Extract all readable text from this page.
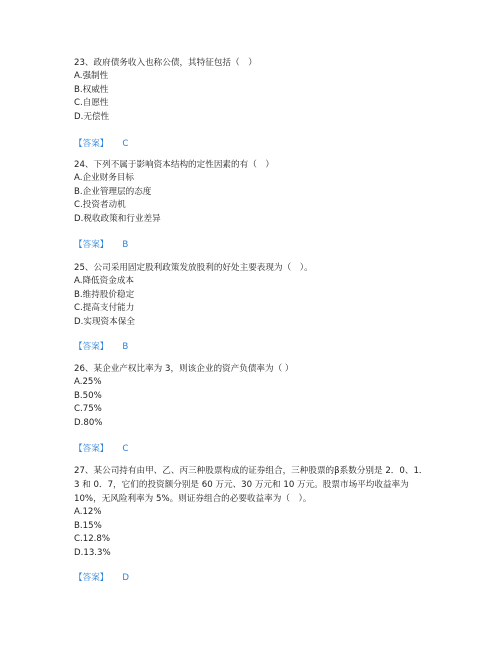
23、政府债务收入也称公债，其特征包括（　）

A.强制性

B.权威性

C.自愿性

D.无偿性

【答案】 C

24、下列不属于影响资本结构的定性因素的有（　）

A.企业财务目标

B.企业管理层的态度

C.投资者动机

D.税收政策和行业差异

【答案】 B

25、公司采用固定股利政策发放股利的好处主要表现为（　）。

A.降低资金成本

B.维持股价稳定

C.提高支付能力

D.实现资本保全

【答案】 B

26、某企业产权比率为 3，则该企业的资产负债率为（ ）

A.25%

B.50%

C.75%

D.80%

【答案】 C

27、某公司持有由甲、乙、丙三种股票构成的证券组合，三种股票的β系数分别是 2．0、1．3 和 0．7，它们的投资额分别是 60 万元、30 万元和 10 万元。股票市场平均收益率为 10%，无风险利率为 5%。则证券组合的必要收益率为（　）。

A.12%

B.15%

C.12.8%

D.13.3%

【答案】 D
